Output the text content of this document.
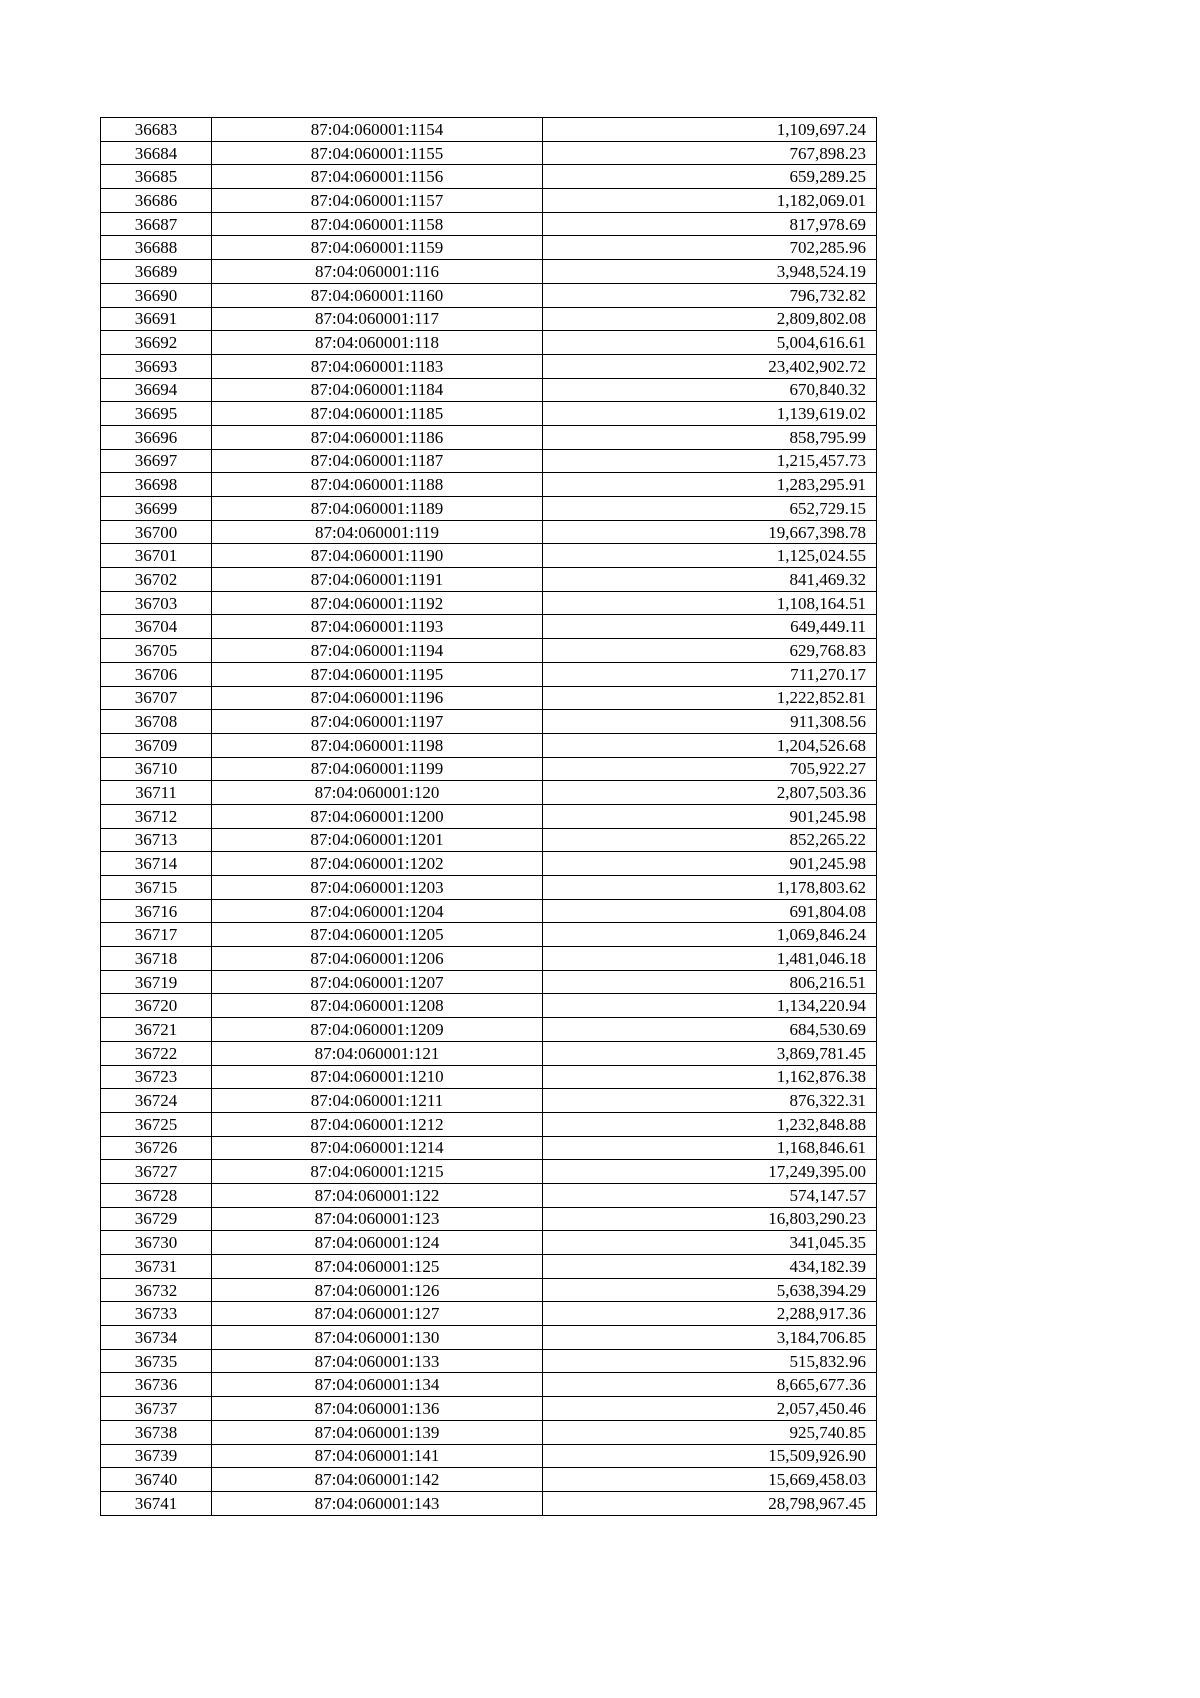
36683	87:04:060001:1154	1,109,697.24
36684	87:04:060001:1155	767,898.23
36685	87:04:060001:1156	659,289.25
36686	87:04:060001:1157	1,182,069.01
36687	87:04:060001:1158	817,978.69
36688	87:04:060001:1159	702,285.96
36689	87:04:060001:116	3,948,524.19
36690	87:04:060001:1160	796,732.82
36691	87:04:060001:117	2,809,802.08
36692	87:04:060001:118	5,004,616.61
36693	87:04:060001:1183	23,402,902.72
36694	87:04:060001:1184	670,840.32
36695	87:04:060001:1185	1,139,619.02
36696	87:04:060001:1186	858,795.99
36697	87:04:060001:1187	1,215,457.73
36698	87:04:060001:1188	1,283,295.91
36699	87:04:060001:1189	652,729.15
36700	87:04:060001:119	19,667,398.78
36701	87:04:060001:1190	1,125,024.55
36702	87:04:060001:1191	841,469.32
36703	87:04:060001:1192	1,108,164.51
36704	87:04:060001:1193	649,449.11
36705	87:04:060001:1194	629,768.83
36706	87:04:060001:1195	711,270.17
36707	87:04:060001:1196	1,222,852.81
36708	87:04:060001:1197	911,308.56
36709	87:04:060001:1198	1,204,526.68
36710	87:04:060001:1199	705,922.27
36711	87:04:060001:120	2,807,503.36
36712	87:04:060001:1200	901,245.98
36713	87:04:060001:1201	852,265.22
36714	87:04:060001:1202	901,245.98
36715	87:04:060001:1203	1,178,803.62
36716	87:04:060001:1204	691,804.08
36717	87:04:060001:1205	1,069,846.24
36718	87:04:060001:1206	1,481,046.18
36719	87:04:060001:1207	806,216.51
36720	87:04:060001:1208	1,134,220.94
36721	87:04:060001:1209	684,530.69
36722	87:04:060001:121	3,869,781.45
36723	87:04:060001:1210	1,162,876.38
36724	87:04:060001:1211	876,322.31
36725	87:04:060001:1212	1,232,848.88
36726	87:04:060001:1214	1,168,846.61
36727	87:04:060001:1215	17,249,395.00
36728	87:04:060001:122	574,147.57
36729	87:04:060001:123	16,803,290.23
36730	87:04:060001:124	341,045.35
36731	87:04:060001:125	434,182.39
36732	87:04:060001:126	5,638,394.29
36733	87:04:060001:127	2,288,917.36
36734	87:04:060001:130	3,184,706.85
36735	87:04:060001:133	515,832.96
36736	87:04:060001:134	8,665,677.36
36737	87:04:060001:136	2,057,450.46
36738	87:04:060001:139	925,740.85
36739	87:04:060001:141	15,509,926.90
36740	87:04:060001:142	15,669,458.03
36741	87:04:060001:143	28,798,967.45
